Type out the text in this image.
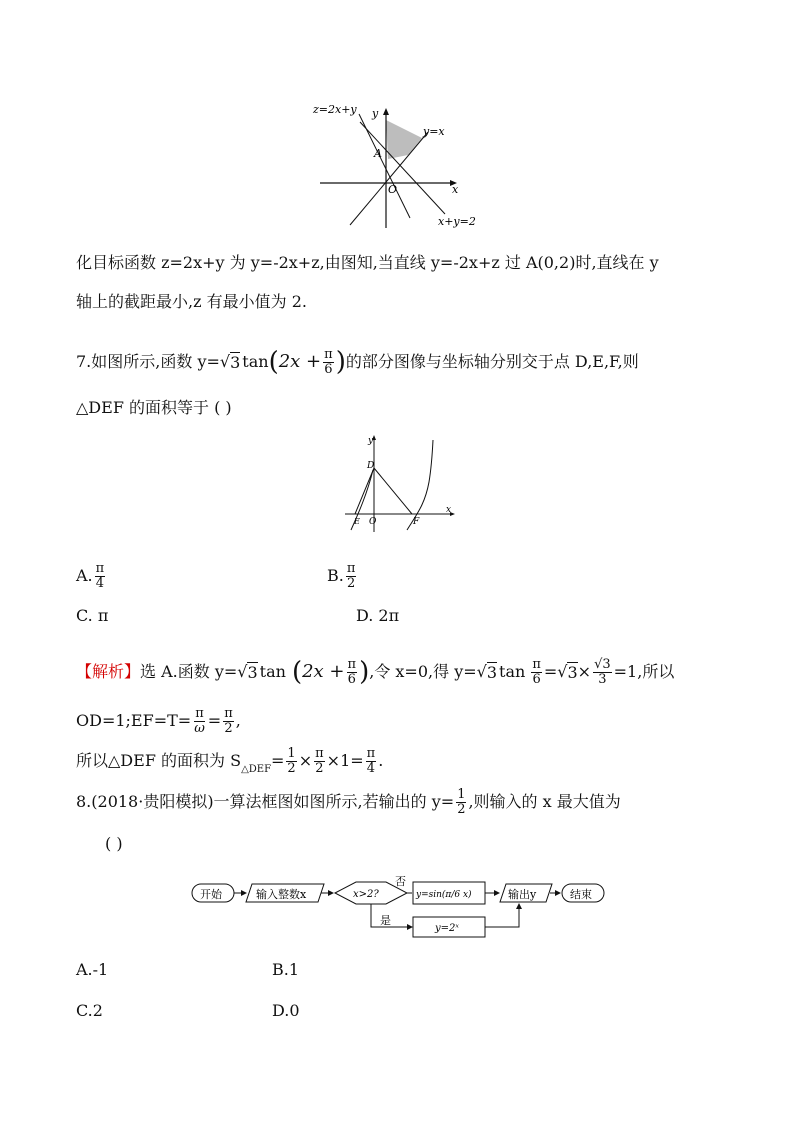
z=2x+y y
y=x
A
O	x
x+y=2
化目标函数 z=2x+y 为 y=-2x+z,由图知,当直线 y=-2x+z 过 A(0,2)时,直线在 y
轴上的截距最小,z 有最小值为 2.
7.如图所示,函数 y= √ 3 tan ( $2x + \frac{\pi}{6}$ ) 的部分图像与坐标轴分别交于点 D,E,F,则
△DEF 的面积等于 ( )
y
D
E O	F
x
A. $\frac{\pi}{4}$	B. $\frac{\pi}{2}$
C. π	D. 2π
【解析】 选 A.函数 y= √ 3 tan ( $2x + \frac{\pi}{6}$ ) ,令 x=0,得 y= √ 3 $\tan \frac{\pi}{6}$ = √ $3 \times \frac{√3}{3} =1$,所以
OD=1;EF=T= $\frac{\pi}{\omega} = \frac{\pi}{2}$ ,
所以△DEF 的面积为 S △DEF = $\frac{1}{2} \times \frac{\pi}{2} \times 1= \frac{\pi}{4}$ .
8.(2018·贵阳模拟)一算法框图如图所示,若输出的 $y= \frac{1}{2}$ ,则输入的 x 最大值为
( )
开始	输入整数x	x>2?
否
y=sin(π/6 x)	输出y	结束
是
y=2ˣ
A.-1	B.1
C.2	D.0
